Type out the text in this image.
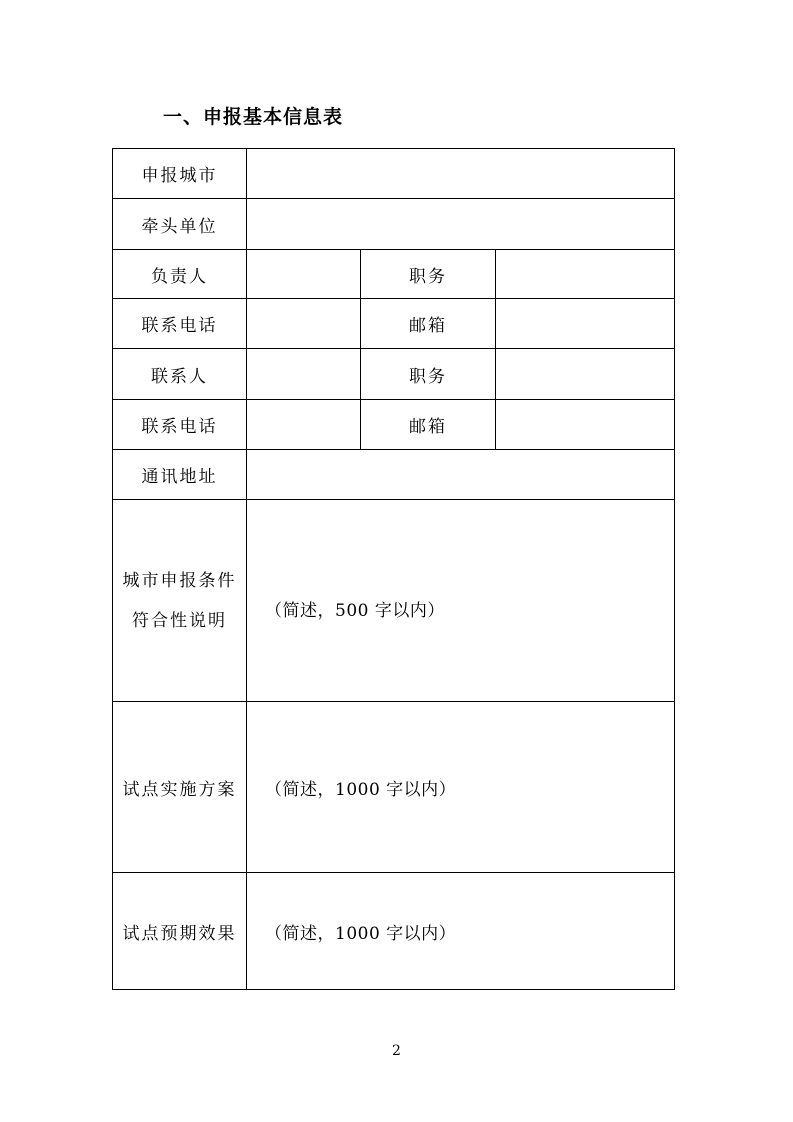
一、申报基本信息表
申报城市			
牵头单位			
负责人		职务	
联系电话		邮箱	
联系人		职务	
联系电话		邮箱	
通讯地址			

城市申报条件
符合性说明	（简述，500 字以内）		
试点实施方案	（简述，1000 字以内）		
试点预期效果	（简述，1000 字以内）		
2
